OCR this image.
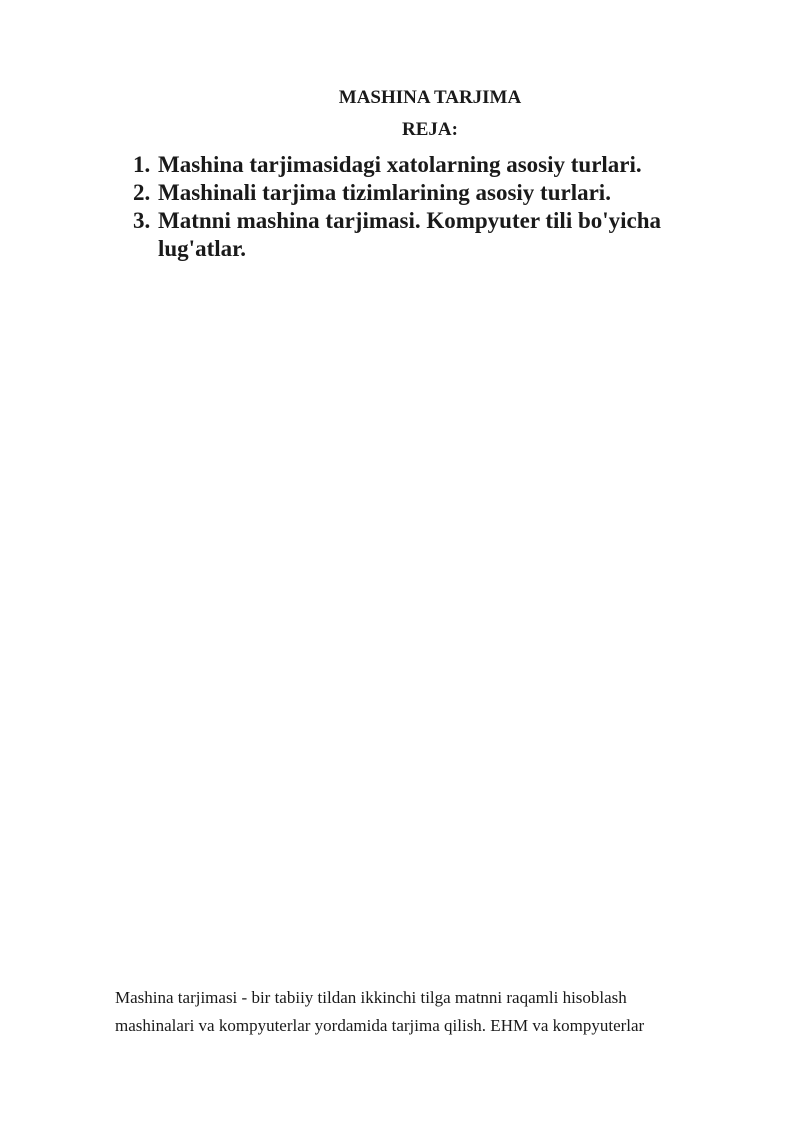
MASHINA TARJIMA
REJA:
1. Mashina tarjimasidagi xatolarning asosiy turlari.
2. Mashinali tarjima tizimlarining asosiy turlari.
3. Matnni mashina tarjimasi. Kompyuter tili bo'yicha lug'atlar.

Mashina tarjimasi - bir tabiiy tildan ikkinchi tilga matnni raqamli hisoblash
mashinalari va kompyuterlar yordamida tarjima qilish. EHM va kompyuterlar
